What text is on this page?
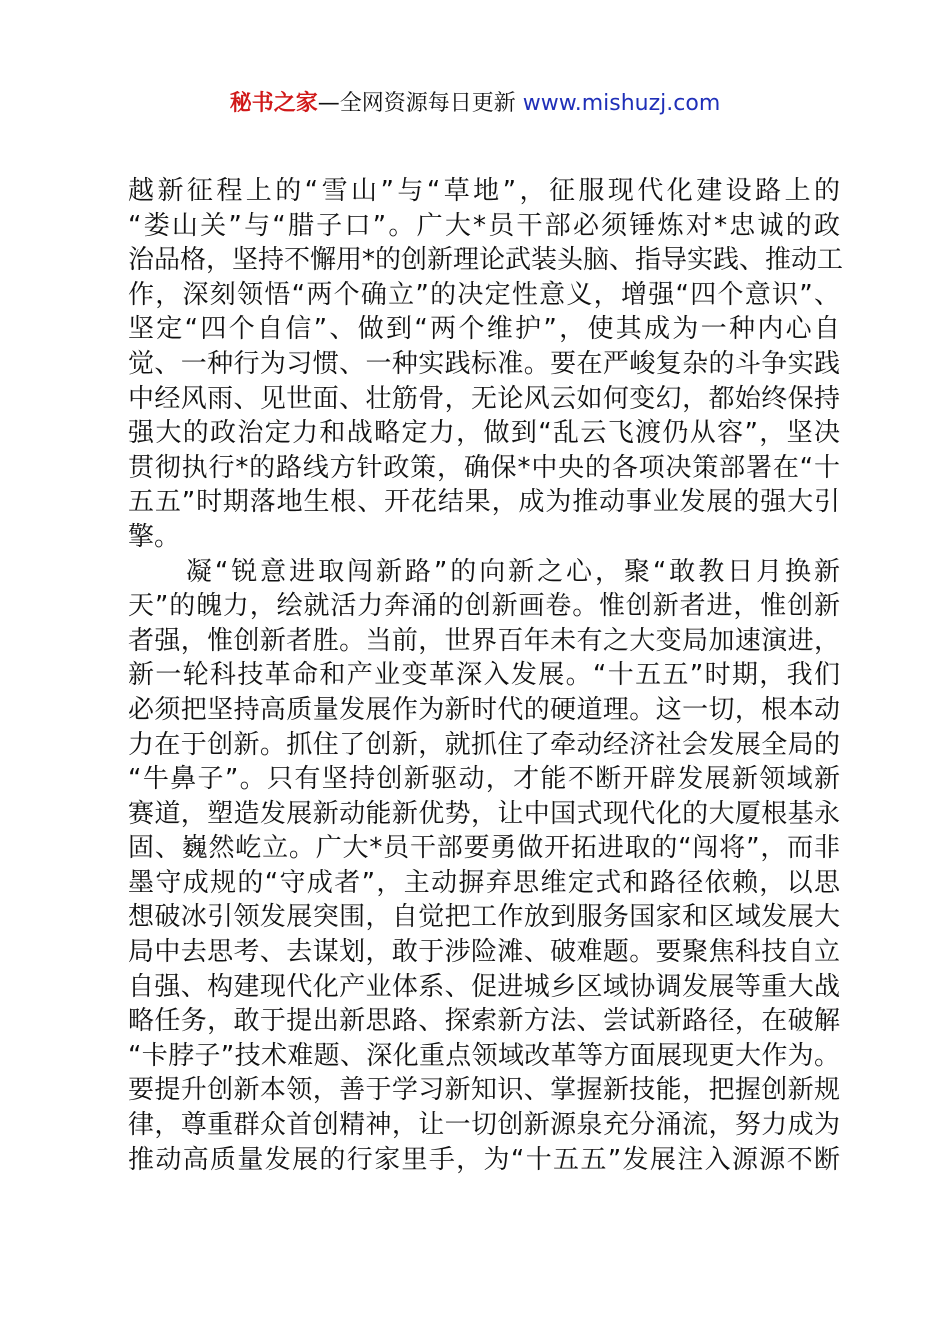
秘书之家—全网资源每日更新 www.mishuzj.com
越新征程上的“雪山”与“草地”，征服现代化建设路上的
“娄山关”与“腊子口”。广大*员干部必须锤炼对*忠诚的政
治品格，坚持不懈用*的创新理论武装头脑、指导实践、推动工
作，深刻领悟“两个确立”的决定性意义，增强“四个意识”、
坚定“四个自信”、做到“两个维护”，使其成为一种内心自
觉、一种行为习惯、一种实践标准。要在严峻复杂的斗争实践
中经风雨、见世面、壮筋骨，无论风云如何变幻，都始终保持
强大的政治定力和战略定力，做到“乱云飞渡仍从容”，坚决
贯彻执行*的路线方针政策，确保*中央的各项决策部署在“十
五五”时期落地生根、开花结果，成为推动事业发展的强大引
擎。
　　凝“锐意进取闯新路”的向新之心，聚“敢教日月换新
天”的魄力，绘就活力奔涌的创新画卷。惟创新者进，惟创新
者强，惟创新者胜。当前，世界百年未有之大变局加速演进，
新一轮科技革命和产业变革深入发展。“十五五”时期，我们
必须把坚持高质量发展作为新时代的硬道理。这一切，根本动
力在于创新。抓住了创新，就抓住了牵动经济社会发展全局的
“牛鼻子”。只有坚持创新驱动，才能不断开辟发展新领域新
赛道，塑造发展新动能新优势，让中国式现代化的大厦根基永
固、巍然屹立。广大*员干部要勇做开拓进取的“闯将”，而非
墨守成规的“守成者”，主动摒弃思维定式和路径依赖，以思
想破冰引领发展突围，自觉把工作放到服务国家和区域发展大
局中去思考、去谋划，敢于涉险滩、破难题。要聚焦科技自立
自强、构建现代化产业体系、促进城乡区域协调发展等重大战
略任务，敢于提出新思路、探索新方法、尝试新路径，在破解
“卡脖子”技术难题、深化重点领域改革等方面展现更大作为。
要提升创新本领，善于学习新知识、掌握新技能，把握创新规
律，尊重群众首创精神，让一切创新源泉充分涌流，努力成为
推动高质量发展的行家里手，为“十五五”发展注入源源不断
